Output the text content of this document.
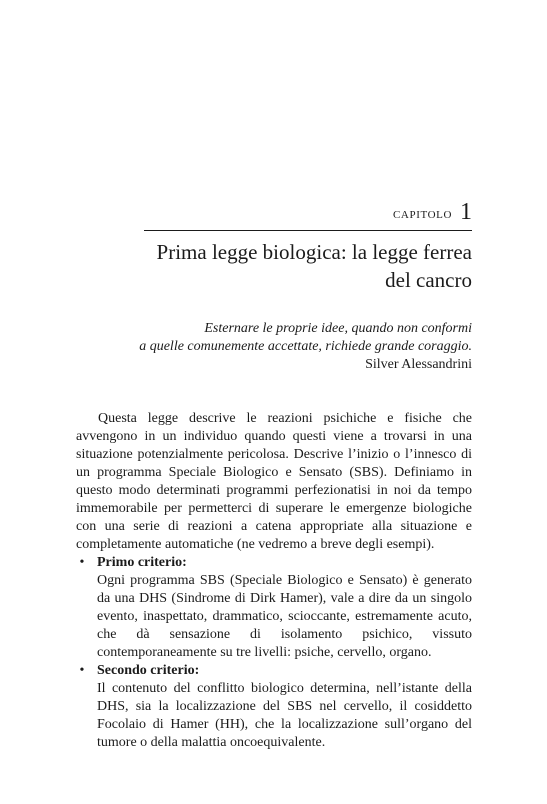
CAPITOLO 1
Prima legge biologica: la legge ferrea
del cancro
Esternare le proprie idee, quando non conformi
a quelle comunemente accettate, richiede grande coraggio.
Silver Alessandrini

Questa legge descrive le reazioni psichiche e fisiche che avvengono in un individuo quando questi viene a trovarsi in una situazione potenzialmente pericolosa. Descrive l’inizio o l’innesco di un programma Speciale Biologico e Sensato (SBS). Definiamo in questo modo determinati programmi perfezionatisi in noi da tempo immemorabile per permetterci di superare le emergenze biologiche con una serie di reazioni a catena appropriate alla situazione e completamente automatiche (ne vedremo a breve degli esempi).

• Primo criterio:
Ogni programma SBS (Speciale Biologico e Sensato) è generato da una DHS (Sindrome di Dirk Hamer), vale a dire da un singolo evento, inaspettato, drammatico, scioccante, estremamente acuto, che dà sensazione di isolamento psichico, vissuto contemporaneamente su tre livelli: psiche, cervello, organo.
• Secondo criterio:
Il contenuto del conflitto biologico determina, nell’istante della DHS, sia la localizzazione del SBS nel cervello, il cosiddetto Focolaio di Hamer (HH), che la localizzazione sull’organo del tumore o della malattia oncoequivalente.
